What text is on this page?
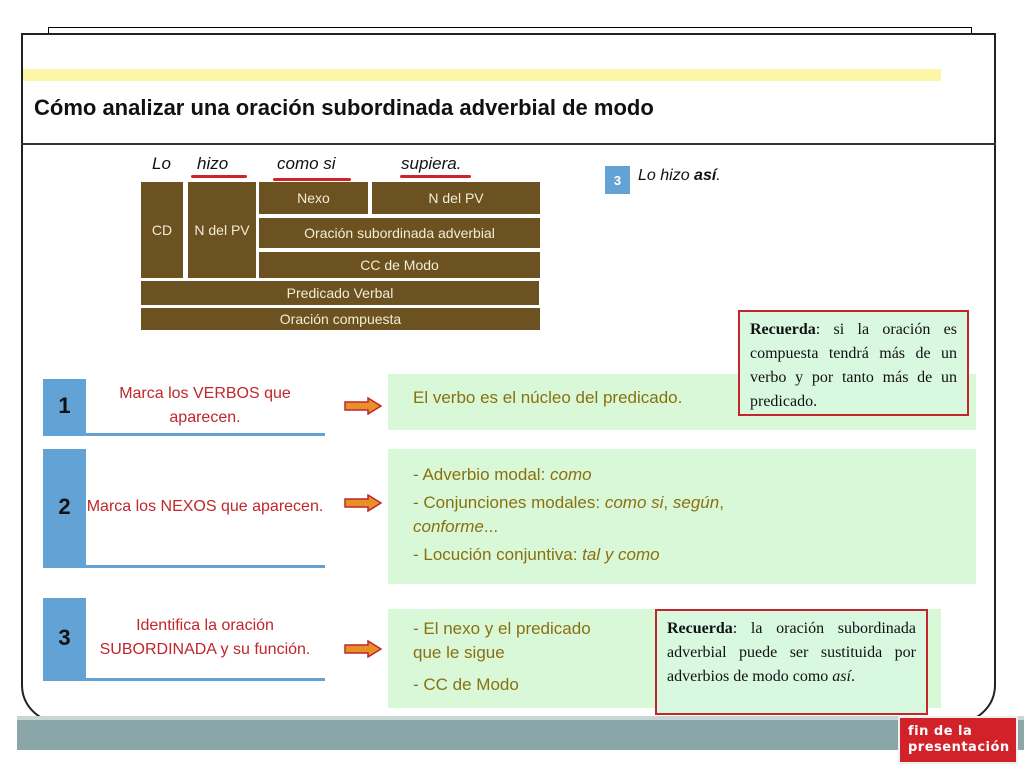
Cómo analizar una oración subordinada adverbial de modo
Lo hizo	como si	supiera.
CD	N del PV
Nexo	N del PV
Oración subordinada adverbial
CC de Modo
Predicado Verbal
Oración compuesta
3	Lo hizo así.
1	Marca los VERBOS que aparecen.
2	Marca los NEXOS que aparecen.
3	Identifica la oración SUBORDINADA y su función.
El verbo es el núcleo del predicado.
- Adverbio modal: como
- Conjunciones modales: como si, según,
conforme...
- Locución conjuntiva: tal y como
- El nexo y el predicado
que le sigue
- CC de Modo
Recuerda: si la oración es compuesta tendrá más de un verbo y por tanto más de un predicado.
Recuerda: la oración subordinada adverbial puede ser sustituida por adverbios de modo como así.
fin de la
presentación
